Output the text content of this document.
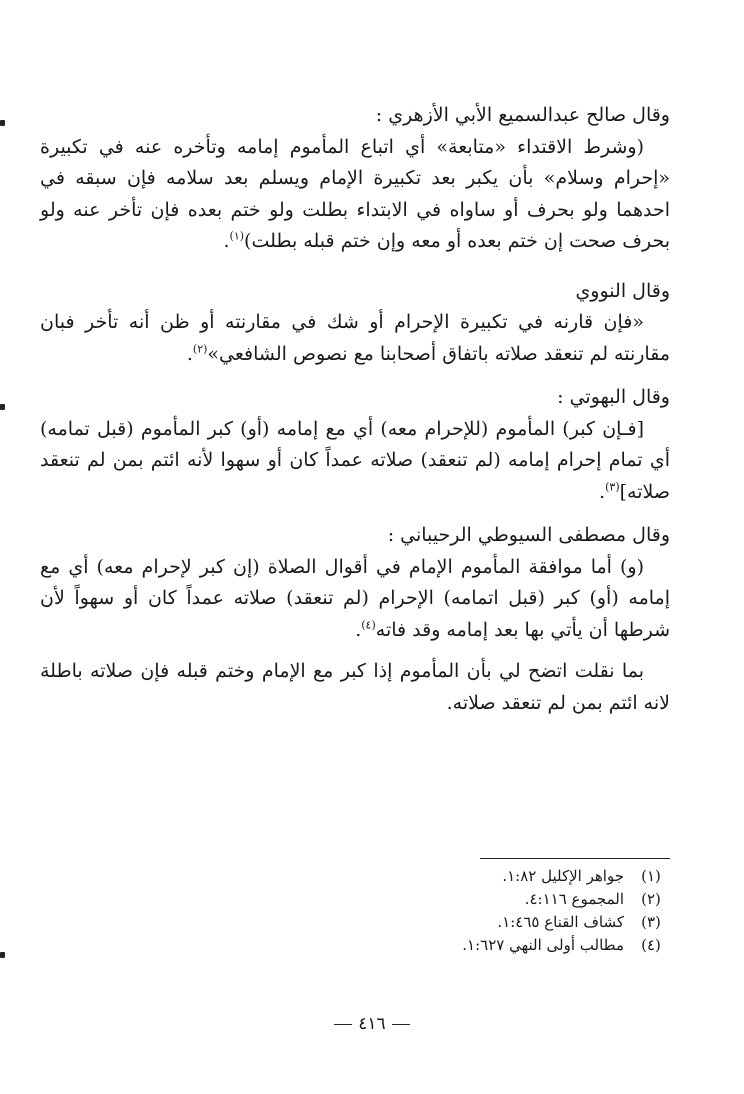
وقال صالح عبدالسميع الأبي الأزهري :

(وشرط الاقتداء «متابعة» أي اتباع المأموم إمامه وتأخره عنه في تكبيرة «إحرام وسلام» بأن يكبر بعد تكبيرة الإمام ويسلم بعد سلامه فإن سبقه في احدهما ولو بحرف أو ساواه في الابتداء بطلت ولو ختم بعده فإن تأخر عنه ولو بحرف صحت إن ختم بعده أو معه وإن ختم قبله بطلت)$^{(١)}$.

وقال النووي

«فإن قارنه في تكبيرة الإحرام أو شك في مقارنته أو ظن أنه تأخر فبان مقارنته لم تنعقد صلاته باتفاق أصحابنا مع نصوص الشافعي»$^{(٢)}$.

وقال البهوتي :

[فـإن كبر) المأموم (للإحرام معه) أي مع إمامه (أو) كبر المأموم (قبل تمامه) أي تمام إحرام إمامه (لم تنعقد) صلاته عمداً كان أو سهوا لأنه ائتم بمن لم تنعقد صلاته]$^{(٣)}$.

وقال مصطفى السيوطي الرحيباني :

(و) أما موافقة المأموم الإمام في أقوال الصلاة (إن كبر لإحرام معه) أي مع إمامه (أو) كبر (قبل اتمامه) الإحرام (لم تنعقد) صلاته عمداً كان أو سهواً لأن شرطها أن يأتي بها بعد إمامه وقد فاته$^{(٤)}$.

بما نقلت اتضح لي بأن المأموم إذا كبر مع الإمام وختم قبله فإن صلاته باطلة لانه ائتم بمن لم تنعقد صلاته.

(١)
جواهر الإكليل ١:٨٢.
(٢)
المجموع ٤:١١٦.
(٣)
كشاف القناع ١:٤٦٥.
(٤)
مطالب أولى النهي ١:٦٢٧.
٤١٦
